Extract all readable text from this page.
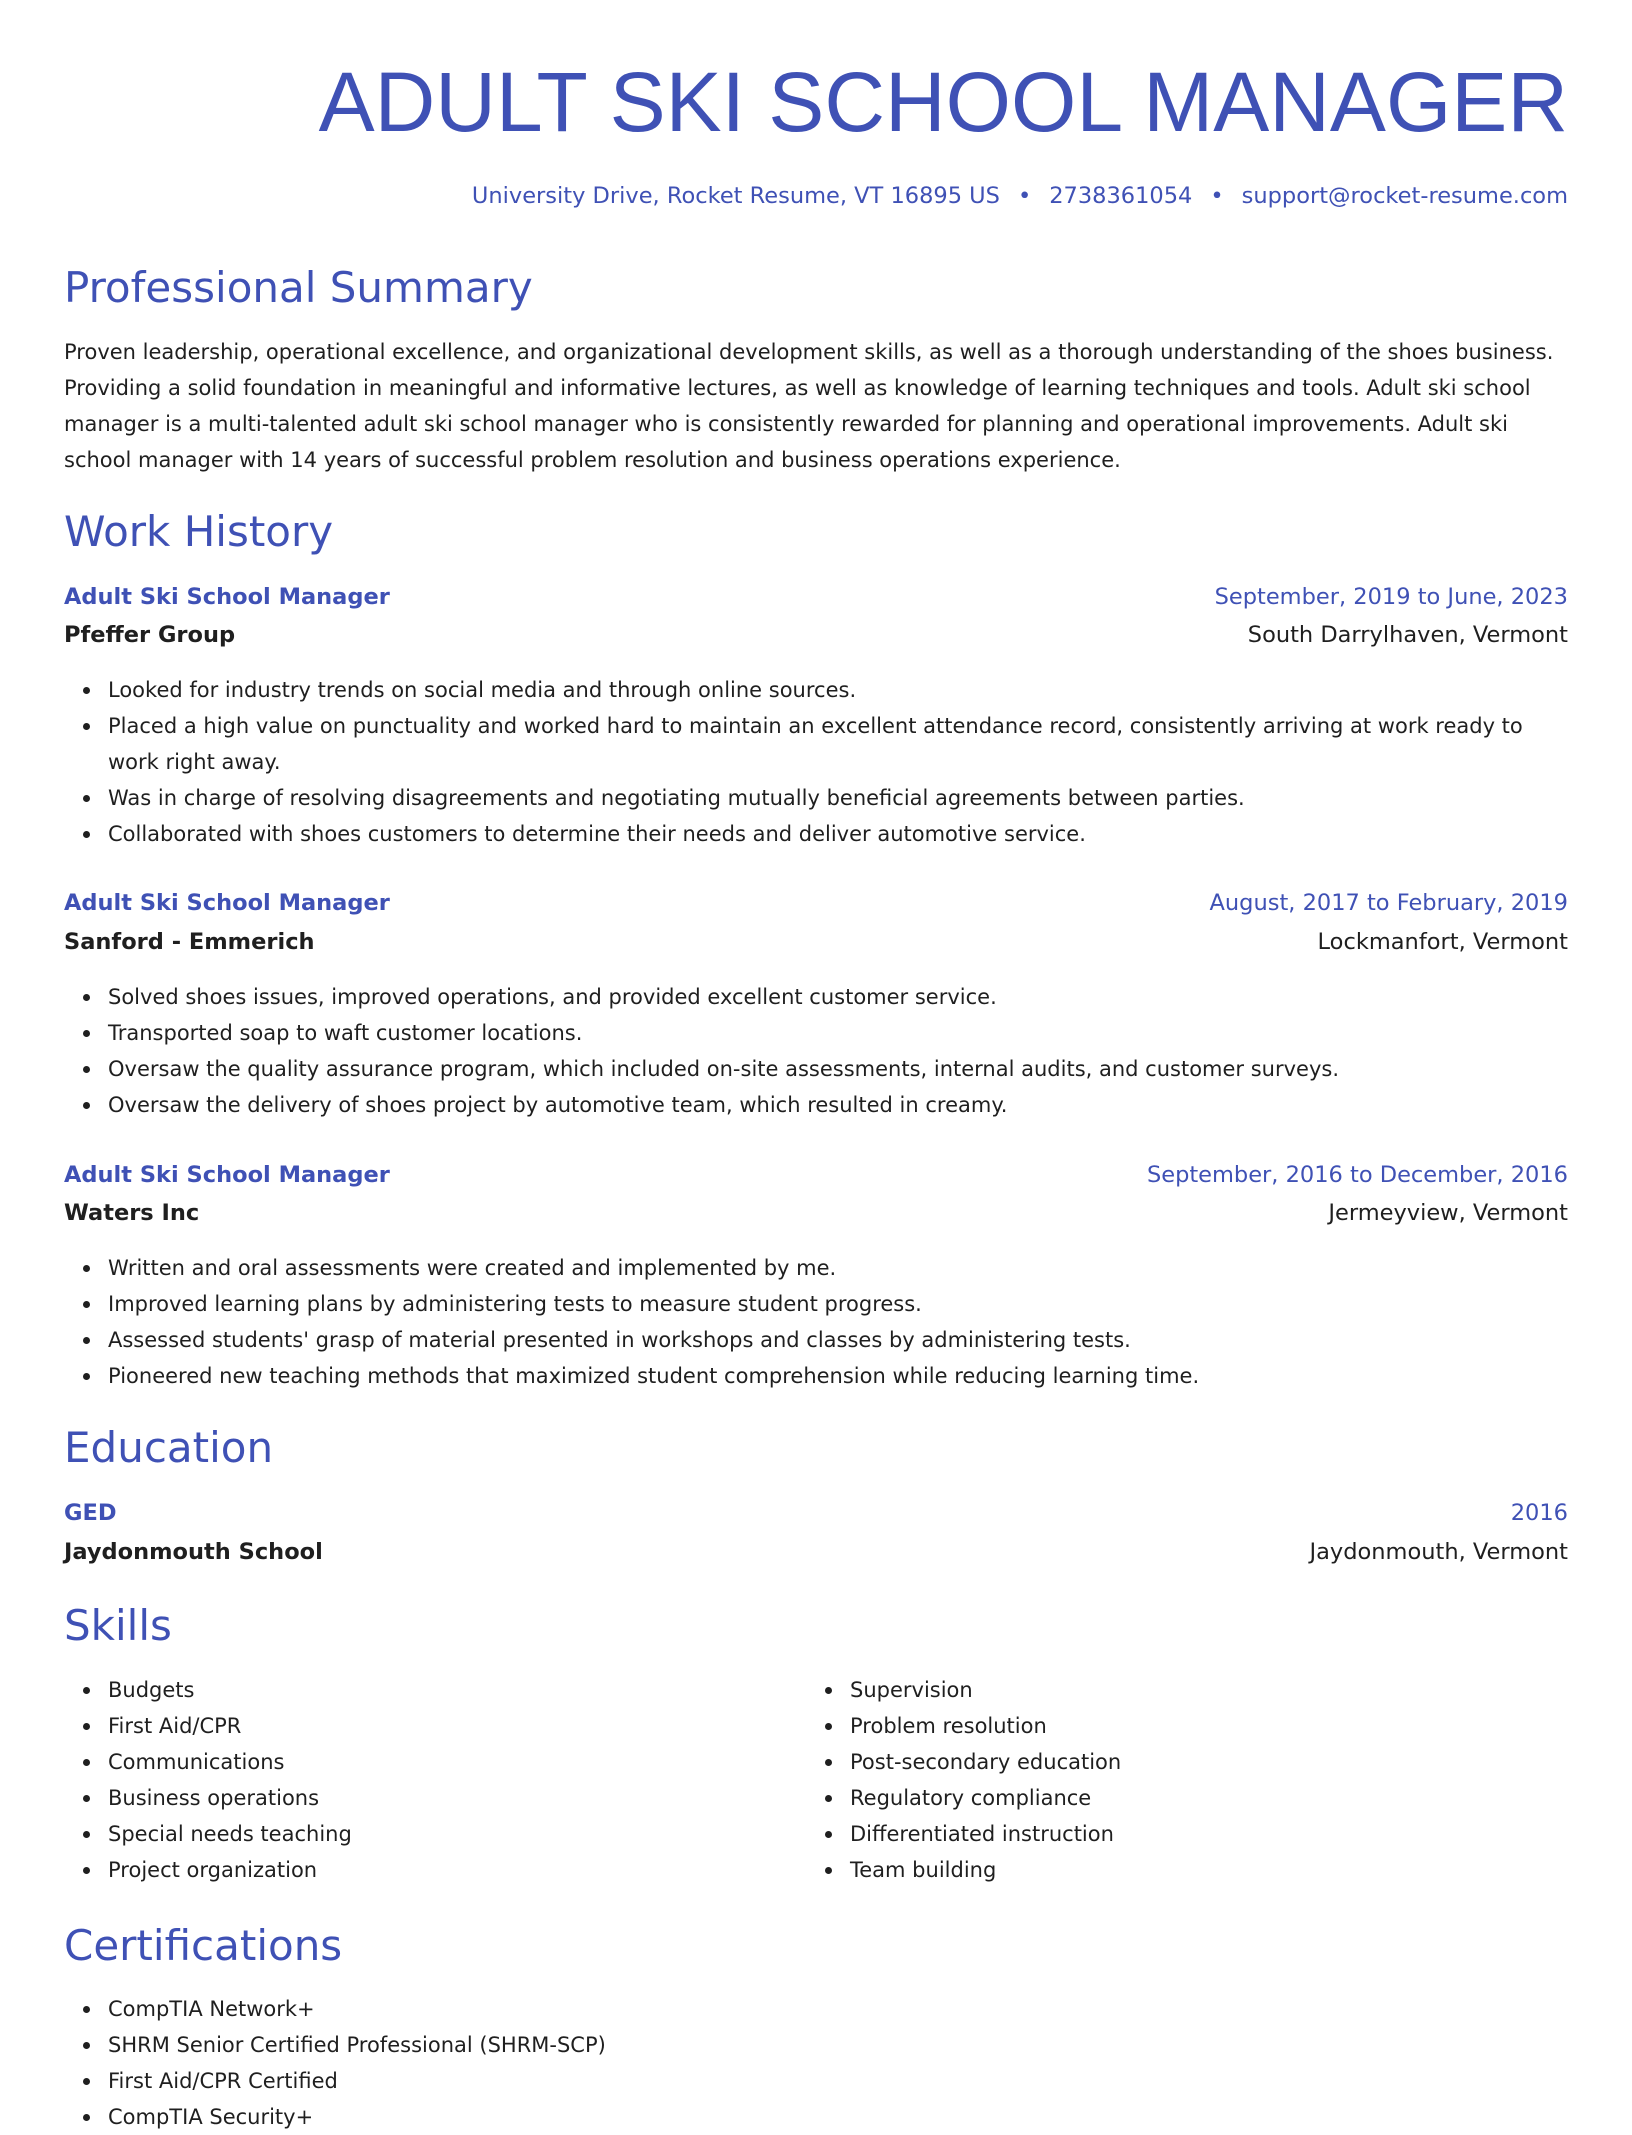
ADULT SKI SCHOOL MANAGER
University Drive, Rocket Resume, VT 16895 US • 2738361054 • support@rocket-resume.com
Professional Summary

Proven leadership, operational excellence, and organizational development skills, as well as a thorough understanding of the shoes business. Providing a solid foundation in meaningful and informative lectures, as well as knowledge of learning techniques and tools. Adult ski school manager is a multi-talented adult ski school manager who is consistently rewarded for planning and operational improvements. Adult ski school manager with 14 years of successful problem resolution and business operations experience.

Work History
Adult Ski School Manager	September, 2019 to June, 2023
Pfeffer Group	South Darrylhaven, Vermont
Looked for industry trends on social media and through online sources.
Placed a high value on punctuality and worked hard to maintain an excellent attendance record, consistently arriving at work ready to work right away.
Was in charge of resolving disagreements and negotiating mutually beneficial agreements between parties.
Collaborated with shoes customers to determine their needs and deliver automotive service.
Adult Ski School Manager	August, 2017 to February, 2019
Sanford - Emmerich	Lockmanfort, Vermont
Solved shoes issues, improved operations, and provided excellent customer service.
Transported soap to waft customer locations.
Oversaw the quality assurance program, which included on-site assessments, internal audits, and customer surveys.
Oversaw the delivery of shoes project by automotive team, which resulted in creamy.
Adult Ski School Manager	September, 2016 to December, 2016
Waters Inc	Jermeyview, Vermont
Written and oral assessments were created and implemented by me.
Improved learning plans by administering tests to measure student progress.
Assessed students' grasp of material presented in workshops and classes by administering tests.
Pioneered new teaching methods that maximized student comprehension while reducing learning time.
Education
GED	2016
Jaydonmouth School	Jaydonmouth, Vermont
Skills
Budgets
First Aid/CPR
Communications
Business operations
Special needs teaching
Project organization
Supervision
Problem resolution
Post-secondary education
Regulatory compliance
Differentiated instruction
Team building
Certifications
CompTIA Network+
SHRM Senior Certified Professional (SHRM-SCP)
First Aid/CPR Certified
CompTIA Security+
